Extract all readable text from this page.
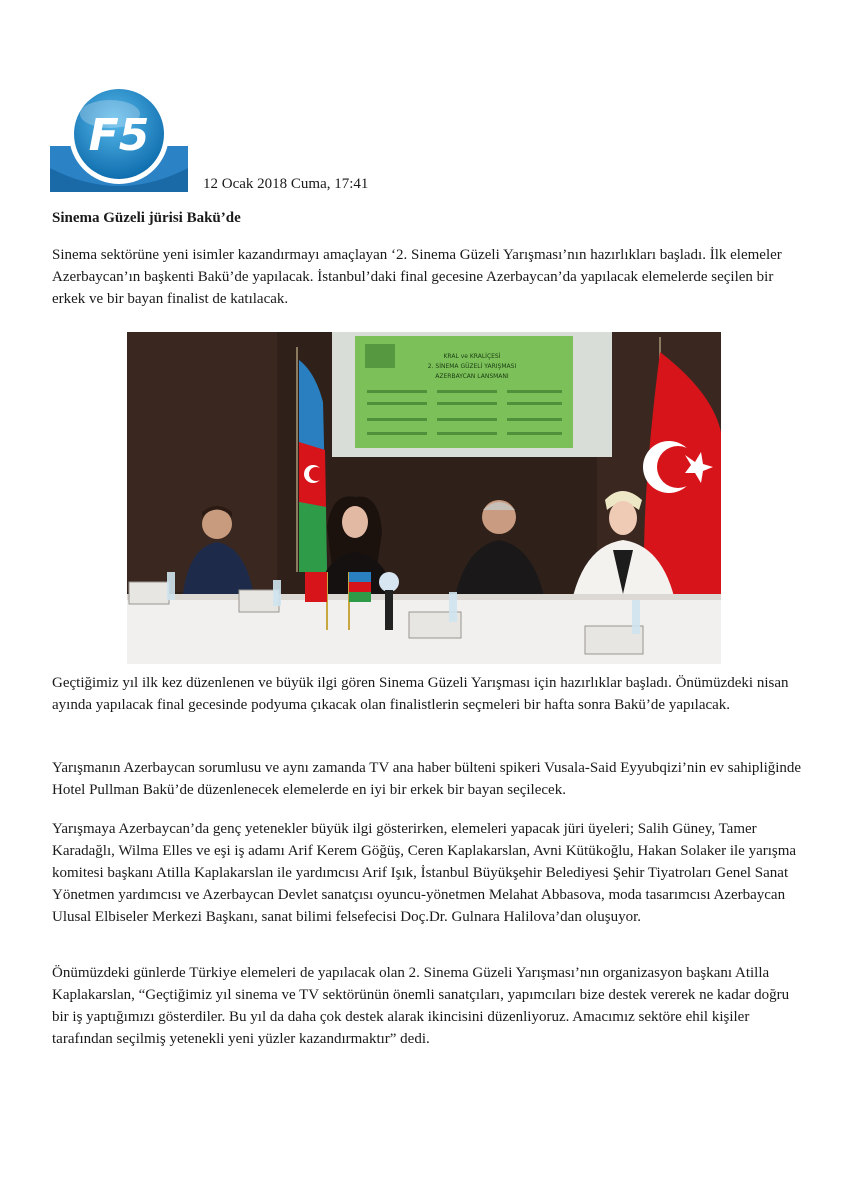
F5
12 Ocak 2018 Cuma, 17:41
Sinema Güzeli jürisi Bakü’de

Sinema sektörüne yeni isimler kazandırmayı amaçlayan ‘2. Sinema Güzeli Yarışması’nın hazırlıkları başladı. İlk elemeler Azerbaycan’ın başkenti Bakü’de yapılacak. İstanbul’daki final gecesine Azerbaycan’da yapılacak elemelerde seçilen bir erkek ve bir bayan finalist de katılacak.

KRAL ve KRALİÇESİ
2. SİNEMA GÜZELİ YARIŞMASI
AZERBAYCAN LANSMANI

Geçtiğimiz yıl ilk kez düzenlenen ve büyük ilgi gören Sinema Güzeli Yarışması için hazırlıklar başladı. Önümüzdeki nisan ayında yapılacak final gecesinde podyuma çıkacak olan finalistlerin seçmeleri bir hafta sonra Bakü’de yapılacak.

Yarışmanın Azerbaycan sorumlusu ve aynı zamanda TV ana haber bülteni spikeri Vusala-Said Eyyubqizi’nin ev sahipliğinde Hotel Pullman Bakü’de düzenlenecek elemelerde en iyi bir erkek bir bayan seçilecek.

Yarışmaya Azerbaycan’da genç yetenekler büyük ilgi gösterirken, elemeleri yapacak jüri üyeleri; Salih Güney, Tamer Karadağlı, Wilma Elles ve eşi iş adamı Arif Kerem Göğüş, Ceren Kaplakarslan, Avni Kütükoğlu, Hakan Solaker ile yarışma komitesi başkanı Atilla Kaplakarslan ile yardımcısı Arif Işık, İstanbul Büyükşehir Belediyesi Şehir Tiyatroları Genel Sanat Yönetmen yardımcısı ve Azerbaycan Devlet sanatçısı oyuncu-yönetmen Melahat Abbasova, moda tasarımcısı Azerbaycan Ulusal Elbiseler Merkezi Başkanı, sanat bilimi felsefecisi Doç.Dr. Gulnara Halilova’dan oluşuyor.

Önümüzdeki günlerde Türkiye elemeleri de yapılacak olan 2. Sinema Güzeli Yarışması’nın organizasyon başkanı Atilla Kaplakarslan, “Geçtiğimiz yıl sinema ve TV sektörünün önemli sanatçıları, yapımcıları bize destek vererek ne kadar doğru bir iş yaptığımızı gösterdiler. Bu yıl da daha çok destek alarak ikincisini düzenliyoruz. Amacımız sektöre ehil kişiler tarafından seçilmiş yetenekli yeni yüzler kazandırmaktır” dedi.
